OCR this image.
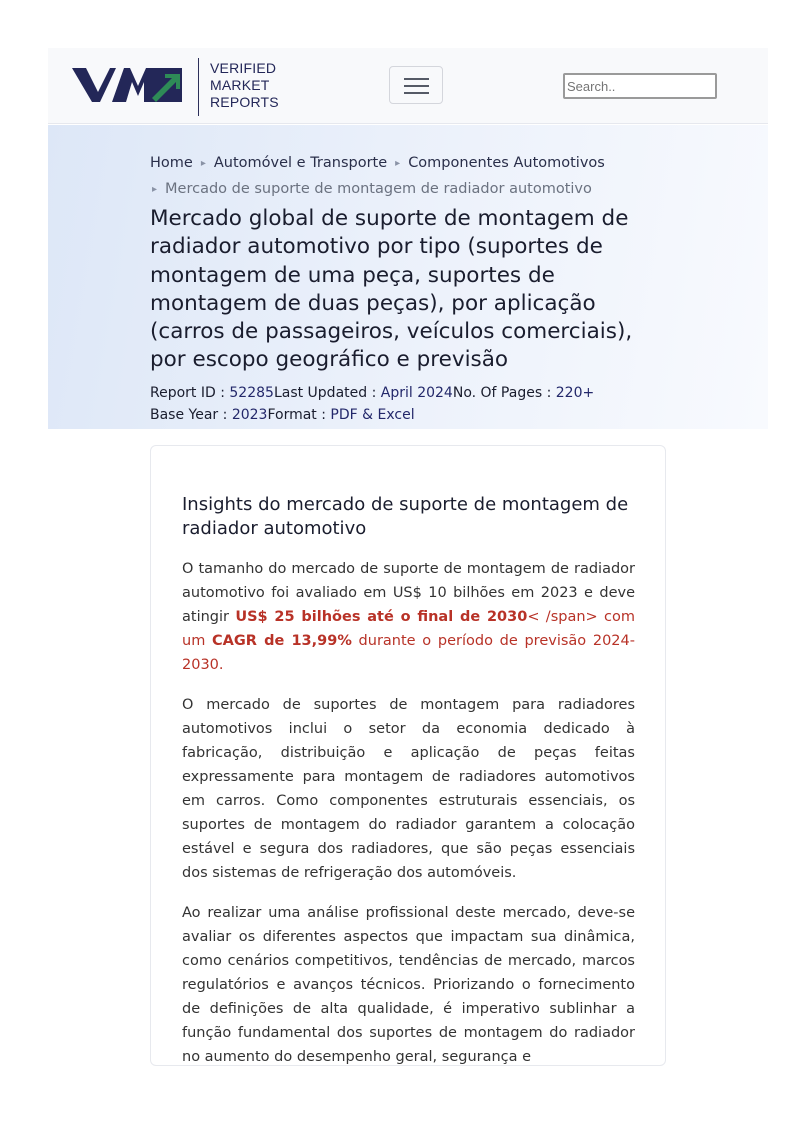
VERIFIED
MARKET
REPORTS
Search..
Home ▸ Automóvel e Transporte ▸ Componentes Automotivos
▸ Mercado de suporte de montagem de radiador automotivo
Mercado global de suporte de montagem de radiador automotivo por tipo (suportes de montagem de uma peça, suportes de montagem de duas peças), por aplicação (carros de passageiros, veículos comerciais), por escopo geográfico e previsão
Report ID : 52285Last Updated : April 2024No. Of Pages : 220+
Base Year : 2023Format : PDF & Excel
Insights do mercado de suporte de montagem de radiador automotivo

O tamanho do mercado de suporte de montagem de radiador automotivo foi avaliado em US$ 10 bilhões em 2023 e deve atingir US$ 25 bilhões até o final de 2030< /span> com um CAGR de 13,99% durante o período de previsão 2024-2030.

O mercado de suportes de montagem para radiadores automotivos inclui o setor da economia dedicado à fabricação, distribuição e aplicação de peças feitas expressamente para montagem de radiadores automotivos em carros. Como componentes estruturais essenciais, os suportes de montagem do radiador garantem a colocação estável e segura dos radiadores, que são peças essenciais dos sistemas de refrigeração dos automóveis.

Ao realizar uma análise profissional deste mercado, deve-se avaliar os diferentes aspectos que impactam sua dinâmica, como cenários competitivos, tendências de mercado, marcos regulatórios e avanços técnicos. Priorizando o fornecimento de definições de alta qualidade, é imperativo sublinhar a função fundamental dos suportes de montagem do radiador no aumento do desempenho geral, segurança e
